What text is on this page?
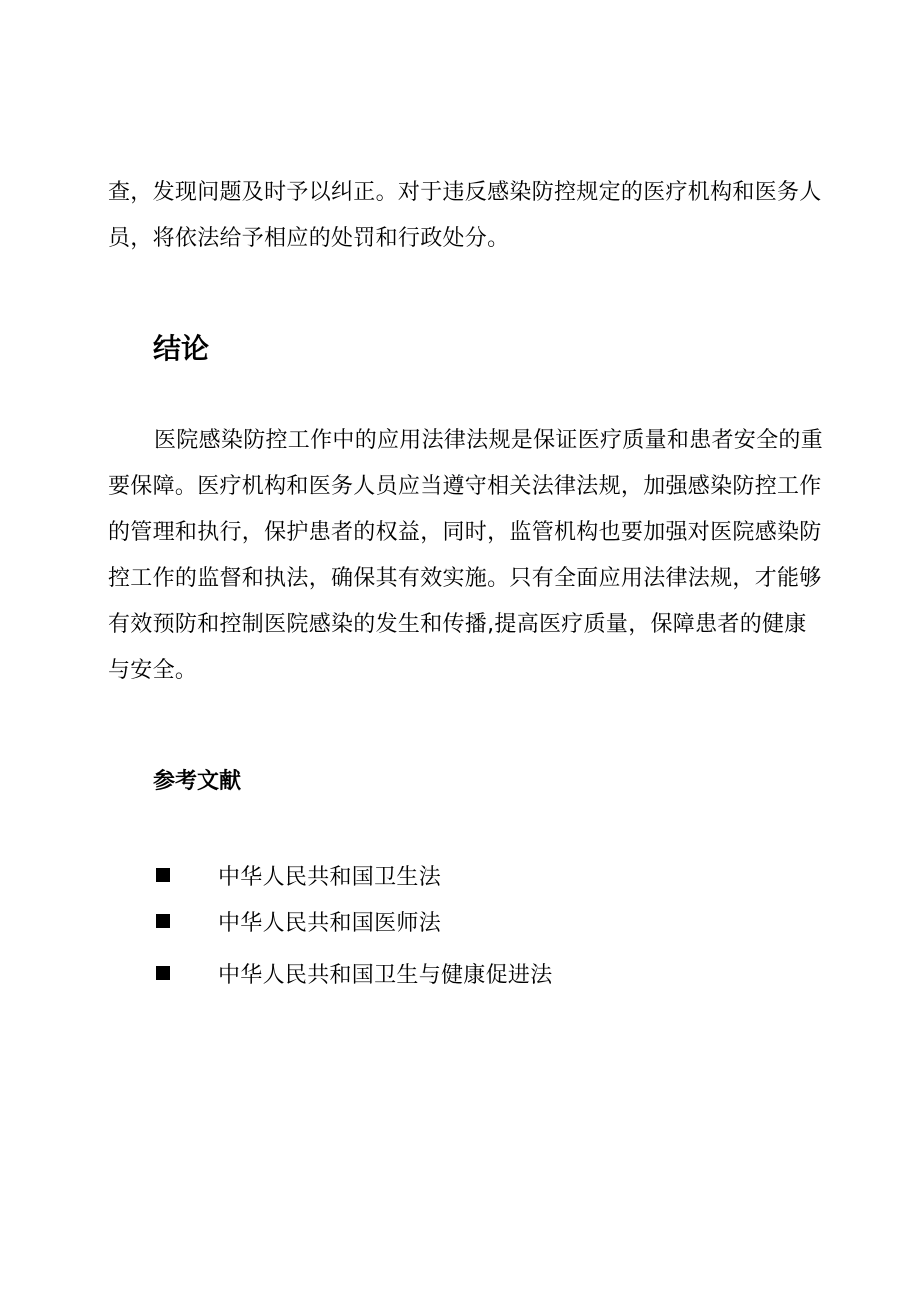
查，发现问题及时予以纠正。对于违反感染防控规定的医疗机构和医务人员，将依法给予相应的处罚和行政处分。

结论

医院感染防控工作中的应用法律法规是保证医疗质量和患者安全的重要保障。医疗机构和医务人员应当遵守相关法律法规，加强感染防控工作的管理和执行，保护患者的权益，同时，监管机构也要加强对医院感染防控工作的监督和执法，确保其有效实施。只有全面应用法律法规，才能够有效预防和控制医院感染的发生和传播,提高医疗质量，保障患者的健康与安全。

参考文献
中华人民共和国卫生法
中华人民共和国医师法
中华人民共和国卫生与健康促进法
